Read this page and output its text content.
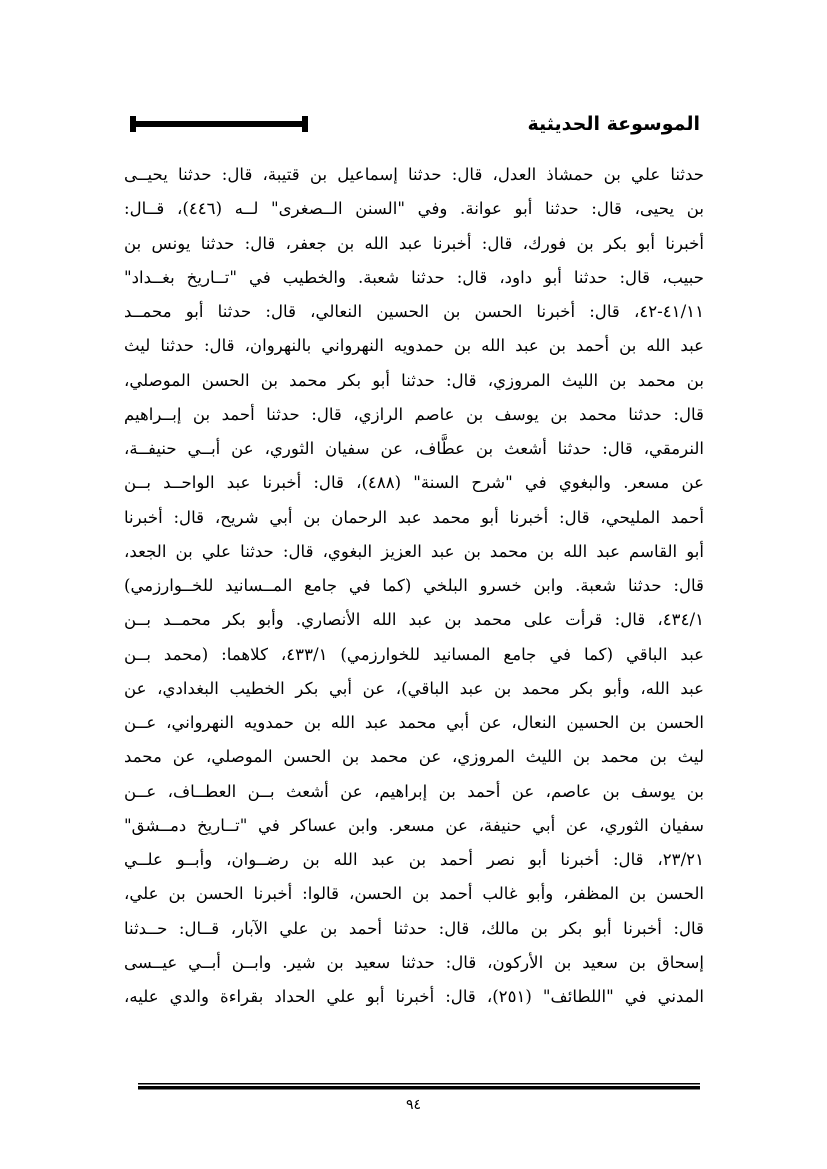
الموسوعة الحديثية
حدثنا علي بن حمشاذ العدل، قال: حدثنا إسماعيل بن قتيبة، قال: حدثنا يحيــى
بن يحيى، قال: حدثنا أبو عوانة. وفي "السنن الــصغرى" لــه (٤٤٦)، قــال:
أخبرنا أبو بكر بن فورك، قال: أخبرنا عبد الله بن جعفر، قال: حدثنا يونس بن
حبيب، قال: حدثنا أبو داود، قال: حدثنا شعبة. والخطيب في "تــاريخ بغــداد"
٤١/١١-٤٢، قال: أخبرنا الحسن بن الحسين النعالي، قال: حدثنا أبو محمــد
عبد الله بن أحمد بن عبد الله بن حمدويه النهرواني بالنهروان، قال: حدثنا ليث
بن محمد بن الليث المروزي، قال: حدثنا أبو بكر محمد بن الحسن الموصلي،
قال: حدثنا محمد بن يوسف بن عاصم الرازي، قال: حدثنا أحمد بن إبــراهيم
النرمقي، قال: حدثنا أشعث بن عطَّاف، عن سفيان الثوري، عن أبــي حنيفــة،
عن مسعر. والبغوي في "شرح السنة" (٤٨٨)، قال: أخبرنا عبد الواحــد بــن
أحمد المليحي، قال: أخبرنا أبو محمد عبد الرحمان بن أبي شريح، قال: أخبرنا
أبو القاسم عبد الله بن محمد بن عبد العزيز البغوي، قال: حدثنا علي بن الجعد،
قال: حدثنا شعبة. وابن خسرو البلخي (كما في جامع المــسانيد للخــوارزمي)
٤٣٤/١، قال: قرأت على محمد بن عبد الله الأنصاري. وأبو بكر محمــد بــن
عبد الباقي (كما في جامع المسانيد للخوارزمي) ٤٣٣/١، كلاهما: (محمد بــن
عبد الله، وأبو بكر محمد بن عبد الباقي)، عن أبي بكر الخطيب البغدادي، عن
الحسن بن الحسين النعال، عن أبي محمد عبد الله بن حمدويه النهرواني، عــن
ليث بن محمد بن الليث المروزي، عن محمد بن الحسن الموصلي، عن محمد
بن يوسف بن عاصم، عن أحمد بن إبراهيم، عن أشعث بــن العطــاف، عــن
سفيان الثوري، عن أبي حنيفة، عن مسعر. وابن عساكر في "تــاريخ دمــشق"
٢٣/٢١، قال: أخبرنا أبو نصر أحمد بن عبد الله بن رضــوان، وأبــو علــي
الحسن بن المظفر، وأبو غالب أحمد بن الحسن، قالوا: أخبرنا الحسن بن علي،
قال: أخبرنا أبو بكر بن مالك، قال: حدثنا أحمد بن علي الآبار، قــال: حــدثنا
إسحاق بن سعيد بن الأركون، قال: حدثنا سعيد بن شير. وابــن أبــي عيــسى
المدني في "اللطائف" (٢٥١)، قال: أخبرنا أبو علي الحداد بقراءة والدي عليه،
٩٤
